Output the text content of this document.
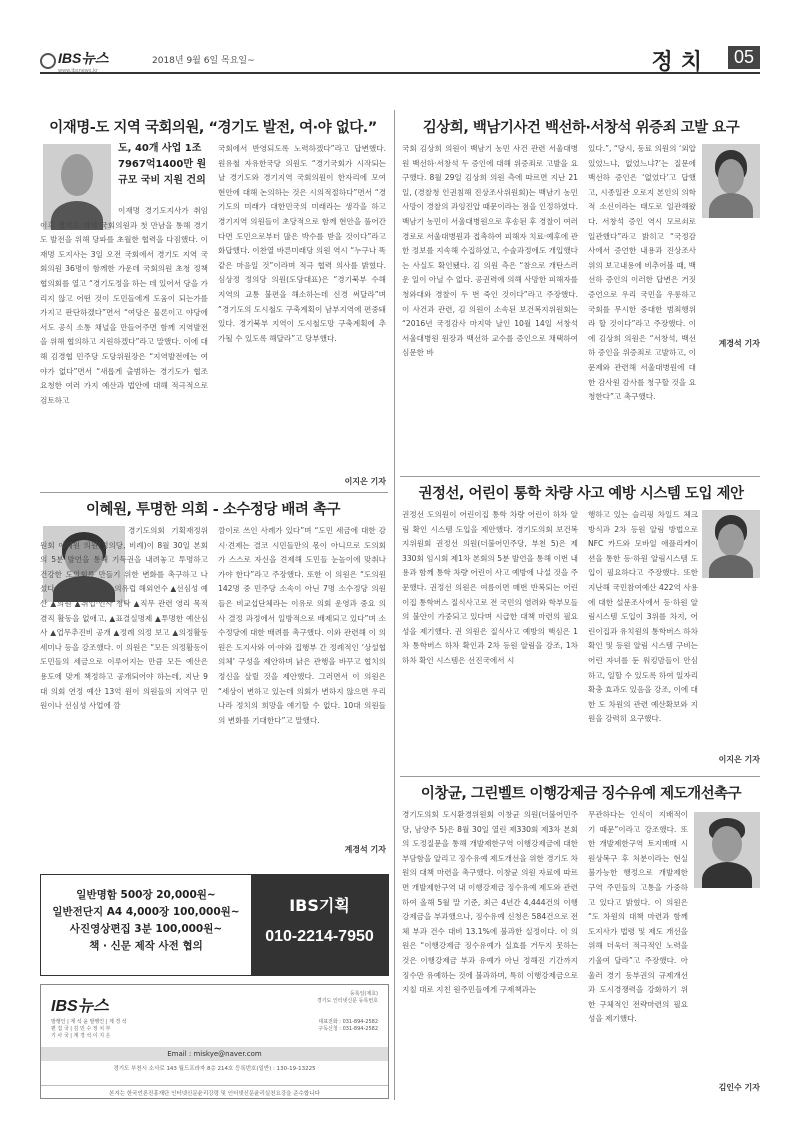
IBS뉴스
www.ibsnews.kr
2018년 9월 6일 목요일~	정치	05
이재명-도 지역 국회의원, “경기도 발전, 여·야 없다.”
도, 40개 사업 1조 7967억1400만 원 규모 국비 지원 건의
이재명 경기도지사가 취임 이후 경기도 지역 국회의원과 첫 만남을 통해 경기도 발전을 위해 당파를 초월한 협력을 다짐했다. 이재명 도지사는 3일 오전 국회에서 경기도 지역 국회의원 36명이 함께한 가운데 국회의원 초청 정책협의회를 열고 “경기도정을 하는 데 있어서 당을 가리지 않고 어떤 것이 도민들에게 도움이 되는가를 가지고 판단하겠다”면서 “여당은 물론이고 야당에서도 공식 소통 채널을 만들어주면 함께 지역발전을 위해 협의하고 지원하겠다”라고 말했다. 이에 대해 김경협 민주당 도당위원장은 “지역발전에는 여야가 없다”면서 “새롭게 출범하는 경기도가 협조 요청한 여러 가지 예산과 법안에 대해 적극적으로 검토하고
국회에서 반영되도록 노력하겠다”라고 답변했다. 원유철 자유한국당 의원도 “경기국회가 시작되는 날 경기도와 경기지역 국회의원이 한자리에 모여 현안에 대해 논의하는 것은 시의적절하다”면서 “경기도의 미래가 대한민국의 미래라는 생각을 하고 경기지역 의원들이 초당적으로 함께 현안을 풀어간다면 도민으로부터 많은 박수를 받을 것이다”라고 화답했다. 이찬열 바른미래당 의원 역시 “누구나 똑같은 마음일 것”이라며 적극 협력 의사를 밝혔다. 심상정 정의당 의원(도당대표)은 “경기북부 수해 지역의 교통 불편을 해소하는데 신경 써달라”며 “경기도의 도시철도 구축계획이 남부지역에 편중돼 있다. 경기북부 지역이 도시철도망 구축계획에 추가될 수 있도록 해달라”고 당부했다.
이지은 기자
김상희, 백남기사건 백선하·서창석 위증죄 고발 요구
국회 김상희 의원이 백남기 농민 사건 관련 서울대병원 백선하·서창석 두 증인에 대해 위증죄로 고발을 요구했다. 8월 29일 김상희 의원 측에 따르면 지난 21일, (경찰청 인권침해 진상조사위원회)는 백남기 농민 사망이 경찰의 과잉진압 때문이라는 점을 인정하였다. 백남기 농민이 서울대병원으로 후송된 후 경찰이 여러 경로로 서울대병원과 접촉하여 피해자 치료·예후에 관한 정보를 지속해 수집하였고, 수술과정에도 개입했다는 사실도 확인됐다. 김 의원 측은 “참으로 개탄스러운 일이 아닐 수 없다. 공권력에 의해 사망한 피해자를 청와대와 경찰이 두 번 죽인 것이다”라고 주장했다. 이 사건과 관련, 김 의원이 소속된 보건복지위원회는 “2016년 국정감사 마지막 날인 10월 14일 서창석 서울대병원 원장과 백선하 교수를 증인으로 채택하여 심문한 바
있다.”, “당시, 동료 의원의 ‘외압 있었느냐, 없었느냐?’는 질문에 백선하 증인은 ‘없었다’고 답했고, 시종일관 오로지 본인의 의학적 소신이라는 태도로 일관해왔다. 서창석 증인 역시 모르쇠로 일관했다”라고 밝히고 “국정감사에서 증언한 내용과 진상조사위의 보고내용에 비추어볼 때, 백선하 증인의 이러한 답변은 거짓 증언으로 우리 국민을 우롱하고 국회를 무시한 중대한 범죄행위라 할 것이다”라고 주장했다. 이에 김상희 의원은 “서창석, 백선하 증인을 위증죄로 고발하고, 이 문제와 관련해 서울대병원에 대한 감사원 감사를 청구할 것을 요청한다”고 촉구했다.
계경석 기자
이혜원, 투명한 의회 - 소수정당 배려 촉구
경기도의회 기획재정위원회 이혜원 의원(정의당, 비례)이 8월 30일 본회의 5분 발언을 통해 기득권을 내려놓고 투명하고 건강한 도의회를 만들기 위한 변화를 촉구하고 나섰다. 이혜원 의원은 ▲의유럽 해외연수 ▲선심성 예산 ▲의원 ▲취업·인사 청탁 ▲직무 관련 영리 목적 겸직 활동을 없애고, ▲표결실명제 ▲투명한 예산심사 ▲업무추진비 공개 ▲정례 의정 보고 ▲의정활동 세미나 등을 강조했다. 이 의원은 “모든 의정활동이 도민들의 세금으로 이루어지는 만큼 모든 예산은 용도에 맞게 책정하고 공개되어야 하는데, 지난 9대 의회 연정 예산 13억 원이 의원들의 지역구 민원이나 선심성 사업에 깜
깜이로 쓰인 사례가 있다”며 “도민 세금에 대한 감시·견제는 결코 시민들만의 몫이 아니므로 도의회가 스스로 자신을 견제해 도민들 눈높이에 맞춰나가야 한다”라고 주장했다. 또한 이 의원은 “도의원 142명 중 민주당 소속이 아닌 7명 소수정당 의원들은 비교섭단체라는 이유로 의회 운영과 중요 의사 결정 과정에서 일방적으로 배제되고 있다”며 소수정당에 대한 배려를 촉구했다. 이와 관련해 이 의원은 도지사와 여·야와 집행부 간 정례적인 ‘상설협의체’ 구성을 제안하며 낡은 관행을 바꾸고 협치의 정신을 살릴 것을 제안했다. 그러면서 이 의원은 “세상이 변하고 있는데 의회가 변하지 않으면 우리나라 정치의 희망을 얘기할 수 없다. 10대 의원들의 변화를 기대한다”고 말했다.
계경석 기자
권정선, 어린이 통학 차량 사고 예방 시스템 도입 제안
권정선 도의원이 어린이집 통학 차량 어린이 하차 알림 확인 시스템 도입을 제안했다. 경기도의회 보건복지위원회 권정선 의원(더불어민주당, 부천 5)은 제330회 임시회 제1차 본회의 5분 발언을 통해 이번 내용과 함께 통학 차량 어린이 사고 예방에 나설 것을 주문했다. 권정선 의원은 여름이면 매번 반복되는 어린이집 통학버스 질식사고로 전 국민의 염려와 학부모들의 불안이 가중되고 있다며 시급한 대책 마련의 필요성을 제기했다. 권 의원은 질식사고 예방의 핵심은 1차 통학버스 하차 확인과 2차 등원 알림을 강조, 1차 하차 확인 시스템은 선진국에서 시
행하고 있는 슬리핑 차일드 체크 방식과 2차 등원 알림 방법으로 NFC 카드와 모바일 애플리케이션을 통한 등·하원 알림시스템 도입이 필요하다고 주장했다. 또한 지난해 국민참여예산 422억 사용에 대한 설문조사에서 등·하원 알림시스템 도입이 3위를 차지, 어린이집과 유치원의 통학버스 하차 확인 및 등원 알림 시스템 구비는 어린 자녀를 둔 워킹맘들이 안심하고, 일할 수 있도록 하여 일자리 확충 효과도 있음을 강조, 이에 대한 도 차원의 관련 예산확보와 지원을 강력히 요구했다.
이지은 기자
이창균, 그린벨트 이행강제금 징수유예 제도개선촉구
경기도의회 도시환경위원회 이창균 의원(더불어민주당, 남양주 5)은 8월 30일 열린 제330회 제3차 본회의 도정질문을 통해 개발제한구역 이행강제금에 대한 부담함을 알리고 징수유예 제도개선을 위한 경기도 차원의 대책 마련을 촉구했다. 이창균 의원 자료에 따르면 개발제한구역 내 이행강제금 징수유예 제도와 관련하여 올해 5월 말 기준, 최근 4년간 4,444건의 이행강제금을 부과했으나, 징수유예 신청은 584건으로 전체 부과 건수 대비 13.1%에 불과한 실정이다. 이 의원은 “이행강제금 징수유예가 실효를 거두지 못하는 것은 이행강제금 부과 유예가 아닌 정해진 기간까지 징수만 유예하는 것에 불과하며, 특히 이행강제금으로 지칠 대로 지친 원주민들에게 구제책과는
무관하다는 인식이 지배적이기 때문”이라고 강조했다. 또한 개발제한구역 토지매매 시 원상복구 후 처분이라는 현실 불가능한 행정으로 개발제한구역 주민들의 고통을 가중하고 있다고 밝혔다. 이 의원은 “도 차원의 대책 마련과 함께 도지사가 법령 및 제도 개선을 위해 더욱더 적극적인 노력을 기울여 달라”고 주장했다. 아울러 경기 동부권의 규제개선과 도시경쟁력을 강화하기 위한 구체적인 전략마련의 필요성을 제기했다.
김인수 기자
일반명함 500장 20,000원~
일반전단지 A4 4,000장 100,000원~
사진영상편집 3분 100,000원~
책 · 신문 제작 사전 협의
IBS기획
010-2214-7950
IBS뉴스
등록일(제호)
경기도 인터넷신문 등록번호
발행인 | 계 석 윤 발행인 | 계 경 석
편 집 국 | 김 민 수 정 치 부
기 사 국 | 계 경 석 이 지 은
대표전화 : 031-894-2582
구독신청 : 031-894-2582
Email : miskye@naver.com
경기도 부천시 소사로 143 월드프라자 8층 214호 등록번호(일반) : 130-19-13225
본지는 한국언론진흥재단 인터넷신문윤리강령 및 인터넷신문윤리실천요강을 준수합니다
